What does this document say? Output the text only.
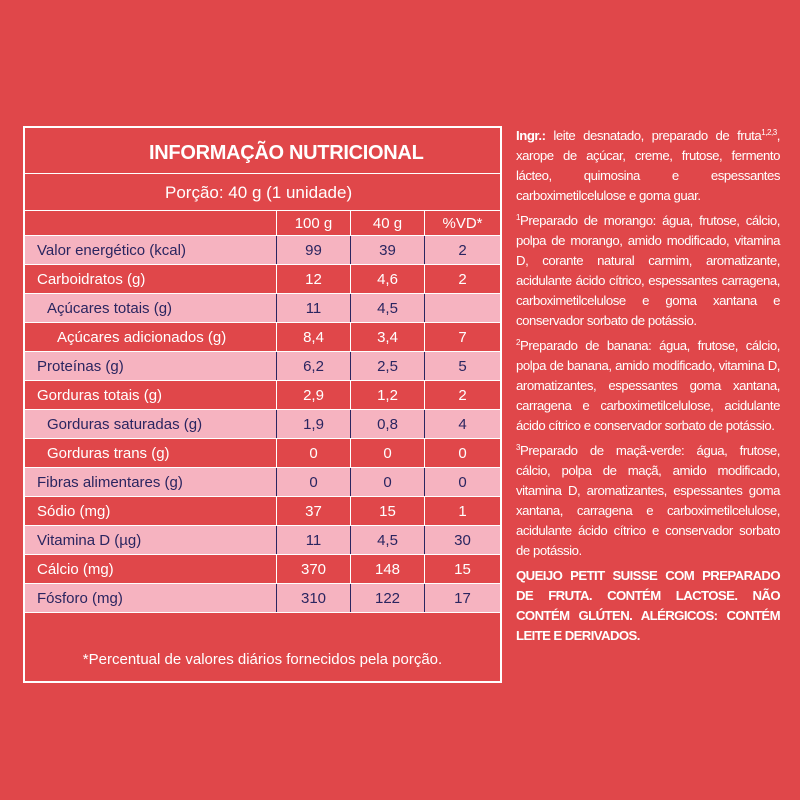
INFORMAÇÃO NUTRICIONAL
Porção: 40 g (1 unidade)
100 g	40 g	%VD*
Valor energético (kcal)	99	39	2
Carboidratos (g)	12	4,6	2
Açúcares totais (g)	11	4,5
Açúcares adicionados (g)	8,4	3,4	7
Proteínas (g)	6,2	2,5	5
Gorduras totais (g)	2,9	1,2	2
Gorduras saturadas (g)	1,9	0,8	4
Gorduras trans (g)	0	0	0
Fibras alimentares (g)	0	0	0
Sódio (mg)	37	15	1
Vitamina D (µg)	11	4,5	30
Cálcio (mg)	370	148	15
Fósforo (mg)	310	122	17
*Percentual de valores diários fornecidos pela porção.

Ingr.: leite desnatado, preparado de fruta$^{1,2,3}$, xarope de açúcar, creme, frutose, fermento lácteo, quimosina e espessantes carboximetilcelulose e goma guar.

$^1$Preparado de morango: água, frutose, cálcio, polpa de morango, amido modificado, vitamina D, corante natural carmim, aromatizante, acidulante ácido cítrico, espessantes carragena, carboximetilcelulose e goma xantana e conservador sorbato de potássio.

$^2$Preparado de banana: água, frutose, cálcio, polpa de banana, amido modificado, vitamina D, aromatizantes, espessantes goma xantana, carragena e carboximetilcelulose, acidulante ácido cítrico e conservador sorbato de potássio.

$^3$Preparado de maçã-verde: água, frutose, cálcio, polpa de maçã, amido modificado, vitamina D, aromatizantes, espessantes goma xantana, carragena e carboximetilcelulose, acidulante ácido cítrico e conservador sorbato de potássio.

QUEIJO PETIT SUISSE COM PREPARADO DE FRUTA. CONTÉM LACTOSE. NÃO CONTÉM GLÚTEN. ALÉRGICOS: CONTÉM LEITE E DERIVADOS.
